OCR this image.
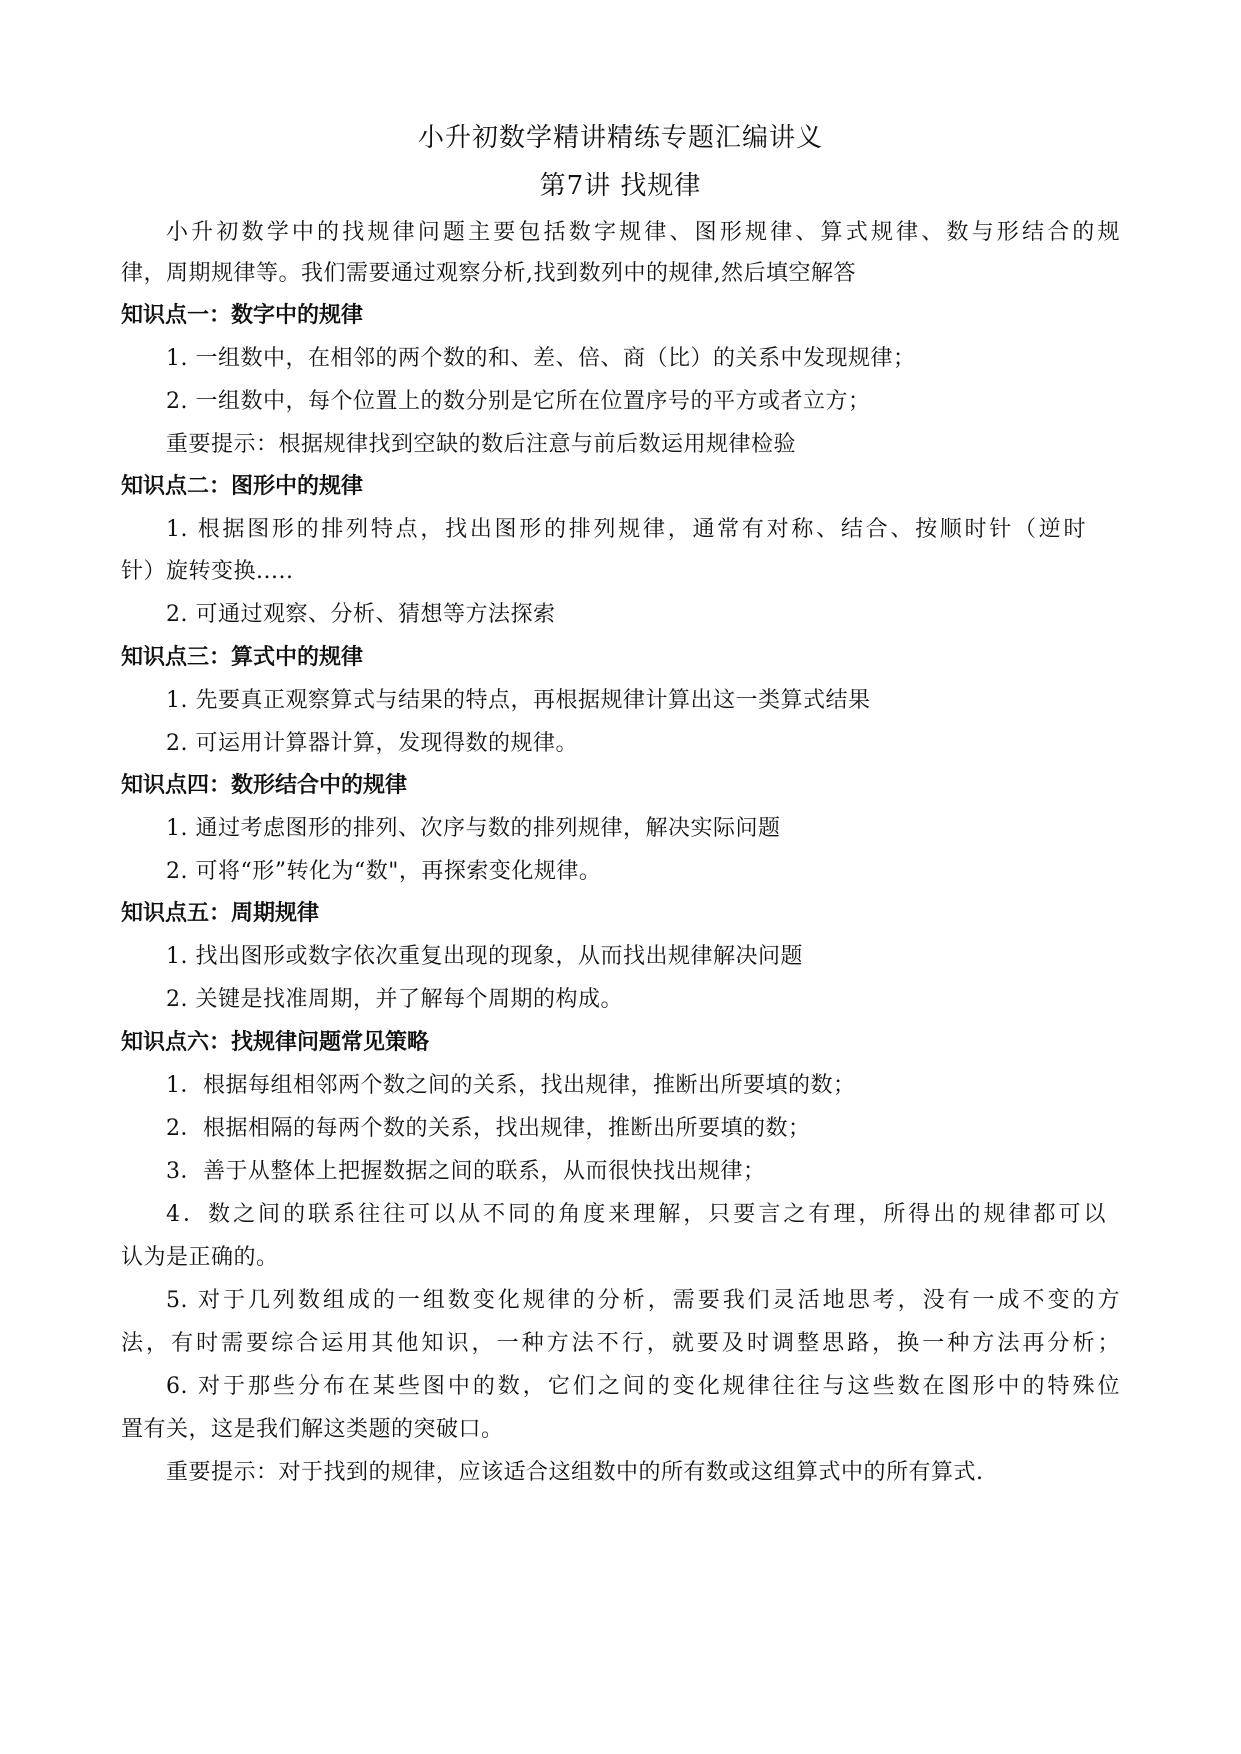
小升初数学精讲精练专题汇编讲义
第7讲 找规律
小升初数学中的找规律问题主要包括数字规律、图形规律、算式规律、数与形结合的规
律，周期规律等。我们需要通过观察分析,找到数列中的规律,然后填空解答
知识点一：数字中的规律
1. 一组数中，在相邻的两个数的和、差、倍、商（比）的关系中发现规律；
2. 一组数中，每个位置上的数分别是它所在位置序号的平方或者立方；
重要提示：根据规律找到空缺的数后注意与前后数运用规律检验
知识点二：图形中的规律
1. 根据图形的排列特点，找出图形的排列规律，通常有对称、结合、按顺时针（逆时
针）旋转变换.....
2. 可通过观察、分析、猜想等方法探索
知识点三：算式中的规律
1. 先要真正观察算式与结果的特点，再根据规律计算出这一类算式结果
2. 可运用计算器计算，发现得数的规律。
知识点四：数形结合中的规律
1. 通过考虑图形的排列、次序与数的排列规律，解决实际问题
2. 可将“形”转化为“数"，再探索变化规律。
知识点五：周期规律
1. 找出图形或数字依次重复出现的现象，从而找出规律解决问题
2. 关键是找准周期，并了解每个周期的构成。
知识点六：找规律问题常见策略
1．根据每组相邻两个数之间的关系，找出规律，推断出所要填的数；
2．根据相隔的每两个数的关系，找出规律，推断出所要填的数；
3．善于从整体上把握数据之间的联系，从而很快找出规律；
4．数之间的联系往往可以从不同的角度来理解，只要言之有理，所得出的规律都可以
认为是正确的。
5. 对于几列数组成的一组数变化规律的分析，需要我们灵活地思考，没有一成不变的方
法，有时需要综合运用其他知识，一种方法不行，就要及时调整思路，换一种方法再分析；
6. 对于那些分布在某些图中的数，它们之间的变化规律往往与这些数在图形中的特殊位
置有关，这是我们解这类题的突破口。
重要提示：对于找到的规律，应该适合这组数中的所有数或这组算式中的所有算式.
